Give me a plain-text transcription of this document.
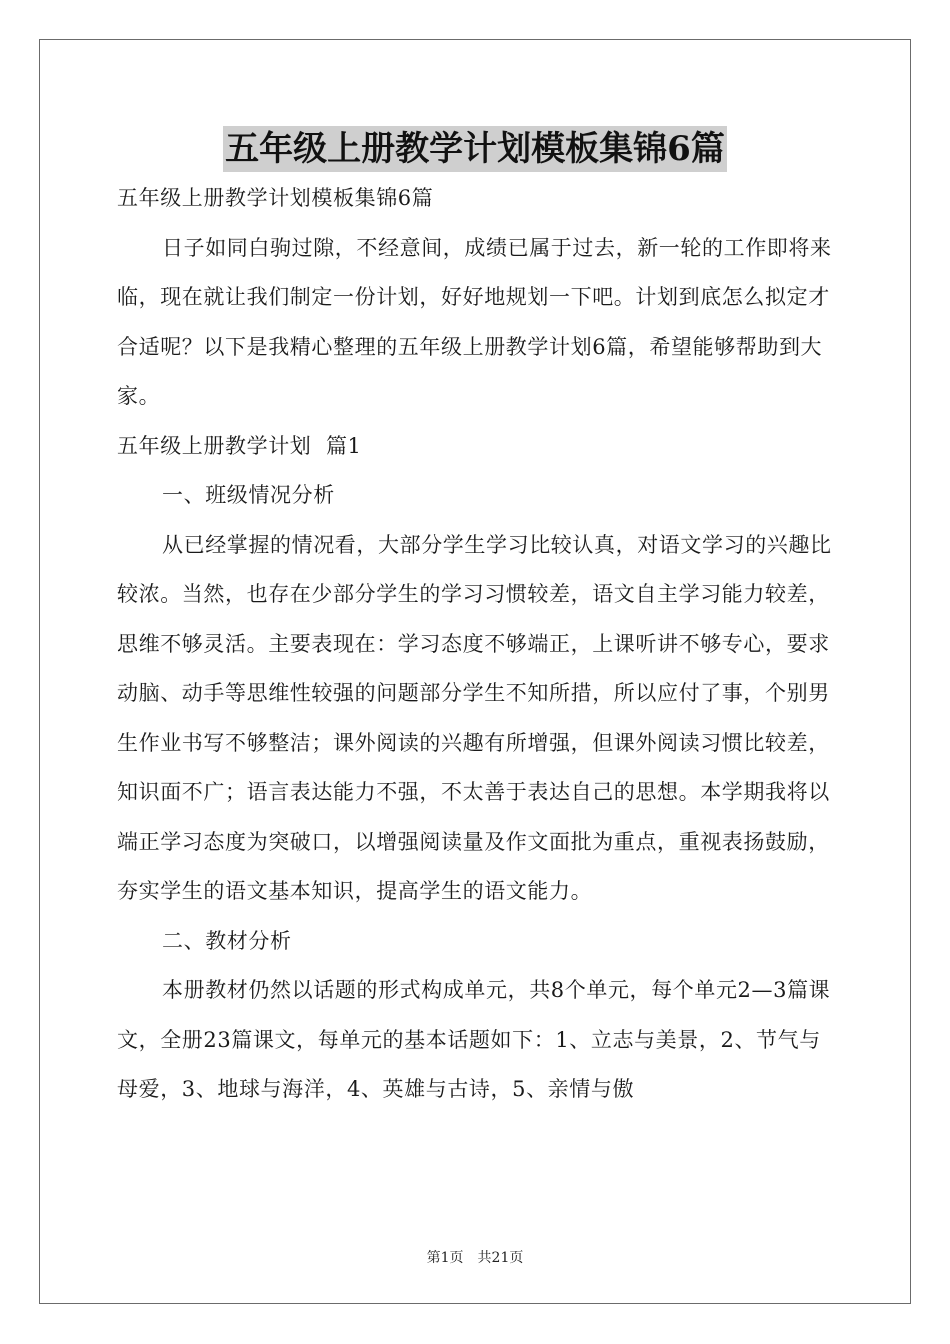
五年级上册教学计划模板集锦6篇

五年级上册教学计划模板集锦6篇

日子如同白驹过隙，不经意间，成绩已属于过去，新一轮的工作即将来临，现在就让我们制定一份计划，好好地规划一下吧。计划到底怎么拟定才合适呢？以下是我精心整理的五年级上册教学计划6篇，希望能够帮助到大家。

五年级上册教学计划  篇1

一、班级情况分析

从已经掌握的情况看，大部分学生学习比较认真，对语文学习的兴趣比较浓。当然，也存在少部分学生的学习习惯较差，语文自主学习能力较差，思维不够灵活。主要表现在：学习态度不够端正，上课听讲不够专心，要求动脑、动手等思维性较强的问题部分学生不知所措，所以应付了事，个别男生作业书写不够整洁；课外阅读的兴趣有所增强，但课外阅读习惯比较差，知识面不广；语言表达能力不强，不太善于表达自己的思想。本学期我将以端正学习态度为突破口，以增强阅读量及作文面批为重点，重视表扬鼓励，夯实学生的语文基本知识，提高学生的语文能力。

二、教材分析

本册教材仍然以话题的形式构成单元，共8个单元，每个单元2—3篇课文，全册23篇课文，每单元的基本话题如下：1、立志与美景，2、节气与母爱，3、地球与海洋，4、英雄与古诗，5、亲情与傲

第1页　共21页
